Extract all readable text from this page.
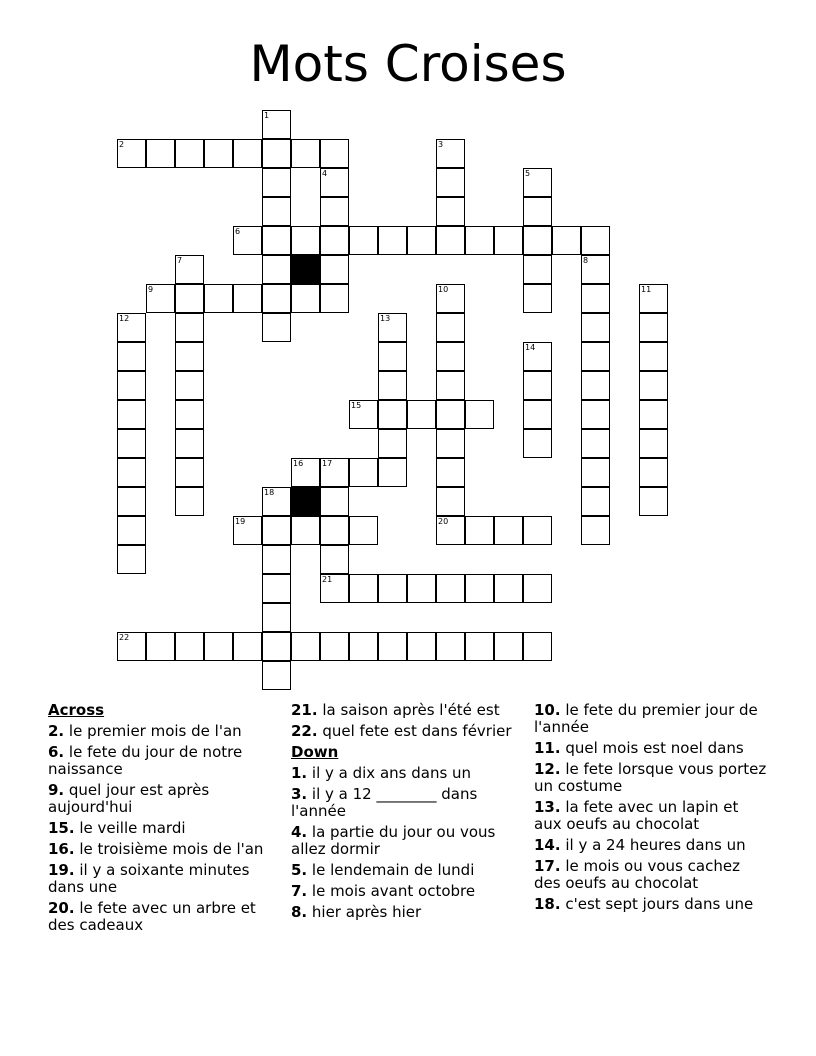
Mots Croises
1
2	3
4	5
6
7	8
9	10	11
12	13
14
15
16 17
18
19	20
21
22
Across
2. le premier mois de l'an
6. le fete du jour de notre naissance
9. quel jour est après aujourd'hui
15. le veille mardi
16. le troisième mois de l'an
19. il y a soixante minutes dans une
20. le fete avec un arbre et des cadeaux
21. la saison après l'été est
22. quel fete est dans février
Down
1. il y a dix ans dans un
3. il y a 12 ________ dans l'année
4. la partie du jour ou vous allez dormir
5. le lendemain de lundi
7. le mois avant octobre
8. hier après hier
10. le fete du premier jour de l'année
11. quel mois est noel dans
12. le fete lorsque vous portez un costume
13. la fete avec un lapin et aux oeufs au chocolat
14. il y a 24 heures dans un
17. le mois ou vous cachez des oeufs au chocolat
18. c'est sept jours dans une
